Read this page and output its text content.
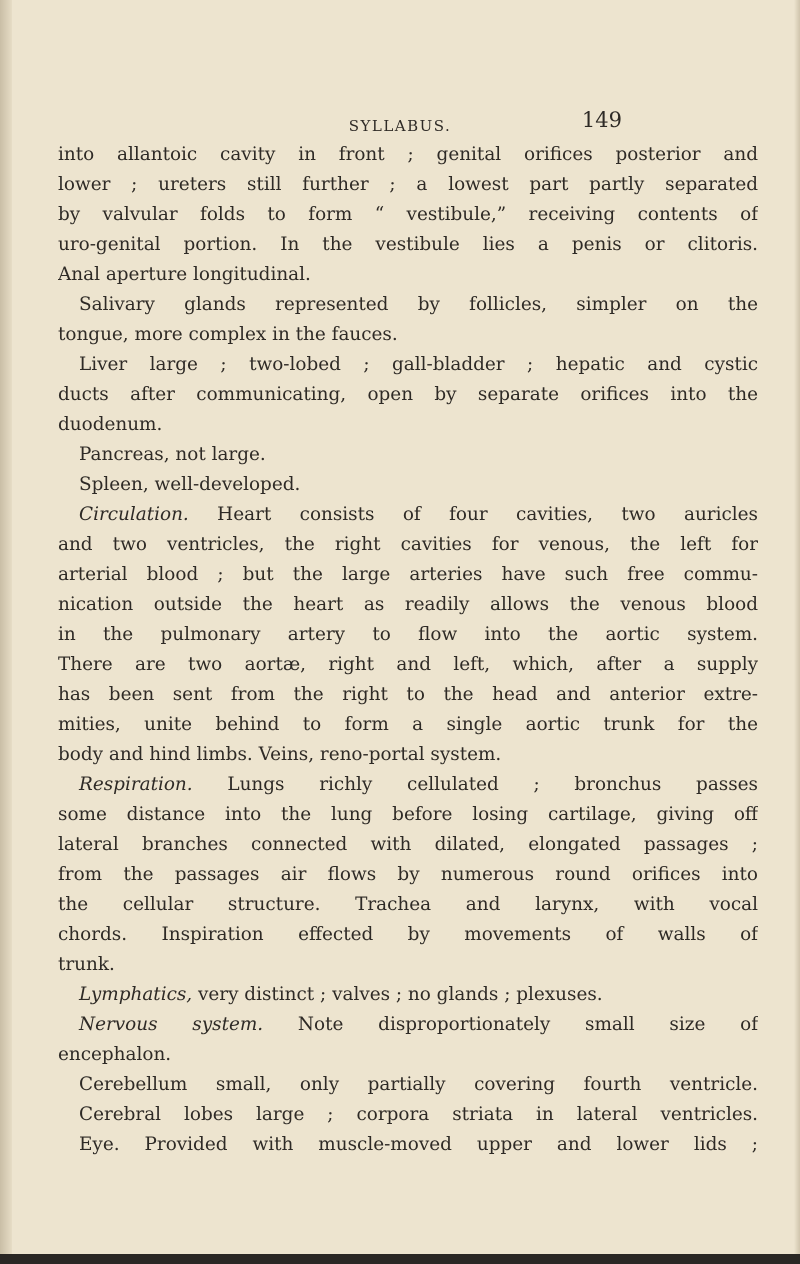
SYLLABUS.	149
into allantoic cavity in front ; genital orifices posterior and
lower ; ureters still further ; a lowest part partly separated
by valvular folds to form “ vestibule,” receiving contents of
uro-genital portion. In the vestibule lies a penis or clitoris.
Anal aperture longitudinal.
Salivary glands represented by follicles, simpler on the
tongue, more complex in the fauces.
Liver large ; two-lobed ; gall-bladder ; hepatic and cystic
ducts after communicating, open by separate orifices into the
duodenum.
Pancreas, not large.
Spleen, well-developed.
Circulation. Heart consists of four cavities, two auricles
and two ventricles, the right cavities for venous, the left for
arterial blood ; but the large arteries have such free commu-
nication outside the heart as readily allows the venous blood
in the pulmonary artery to flow into the aortic system.
There are two aortæ, right and left, which, after a supply
has been sent from the right to the head and anterior extre-
mities, unite behind to form a single aortic trunk for the
body and hind limbs. Veins, reno-portal system.
Respiration. Lungs richly cellulated ; bronchus passes
some distance into the lung before losing cartilage, giving off
lateral branches connected with dilated, elongated passages ;
from the passages air flows by numerous round orifices into
the cellular structure. Trachea and larynx, with vocal
chords. Inspiration effected by movements of walls of
trunk.
Lymphatics, very distinct ; valves ; no glands ; plexuses.
Nervous system. Note disproportionately small size of
encephalon.
Cerebellum small, only partially covering fourth ventricle.
Cerebral lobes large ; corpora striata in lateral ventricles.
Eye. Provided with muscle-moved upper and lower lids ;
